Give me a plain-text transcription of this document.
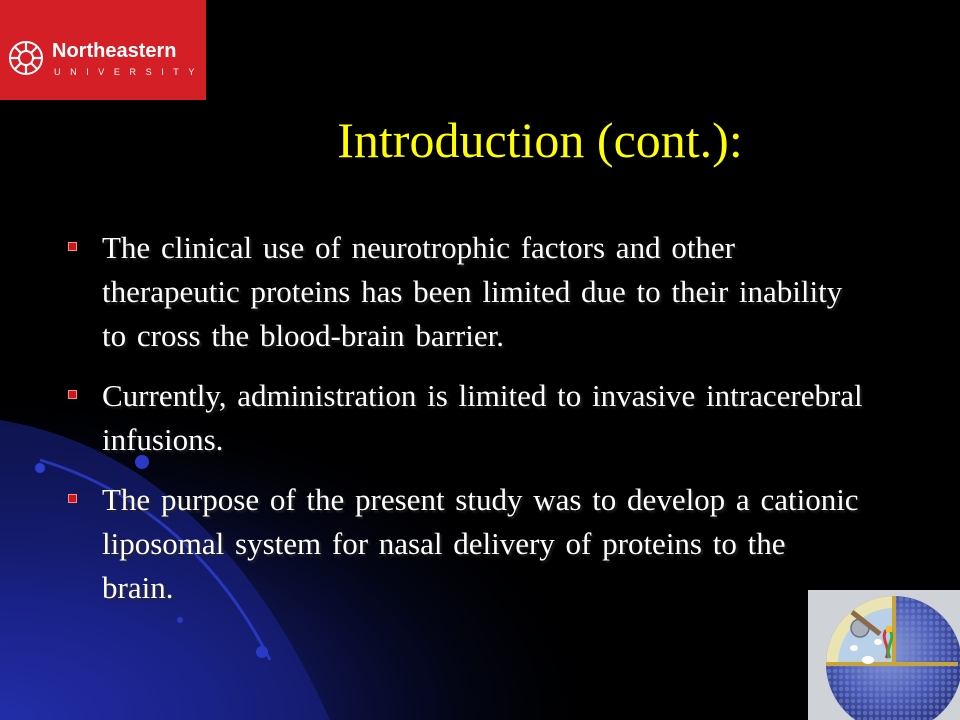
Northeastern
UNIVERSITY
Introduction (cont.):
The clinical use of neurotrophic factors and other therapeutic proteins has been limited due to their inability to cross the blood-brain barrier.
Currently, administration is limited to invasive intracerebral infusions.
The purpose of the present study was to develop a cationic liposomal system for nasal delivery of proteins to the brain.
